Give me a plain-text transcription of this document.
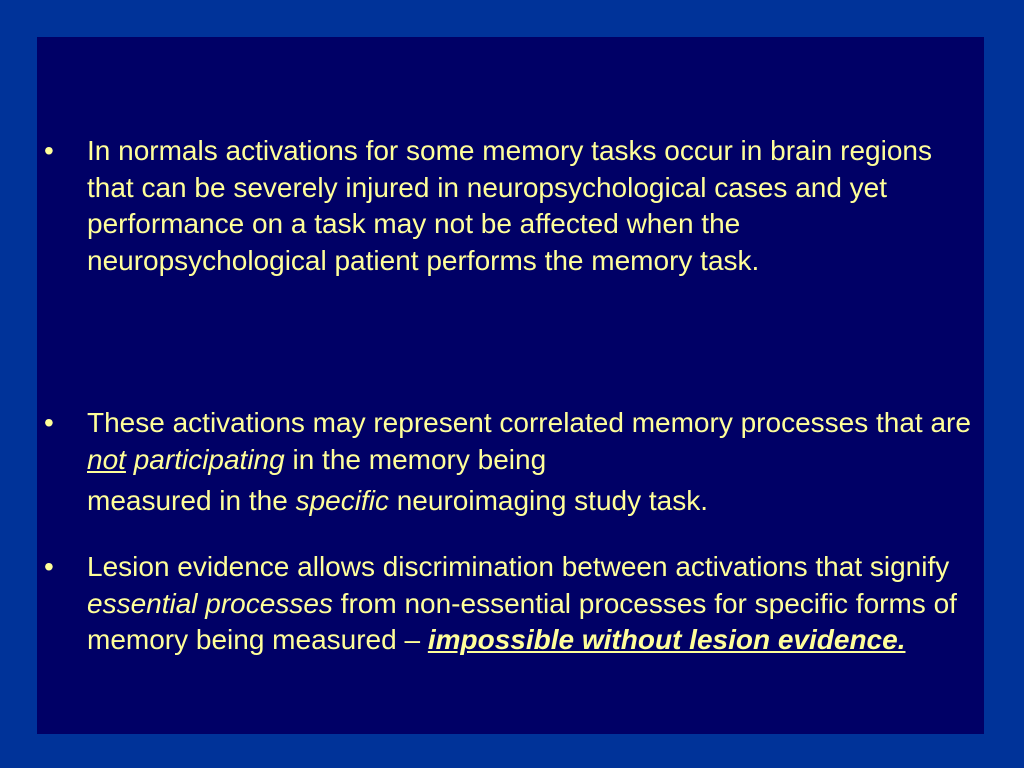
•	In normals activations for some memory tasks occur in brain regions that can be severely injured in neuropsychological cases and yet performance on a task may not be affected when the neuropsychological patient performs the memory task.
•	These activations may represent correlated memory processes that are not participating in the memory being measured in the specific neuroimaging study task.
•	Lesion evidence allows discrimination between activations that signify essential processes from non-essential processes for specific forms of memory being measured – impossible without lesion evidence.
